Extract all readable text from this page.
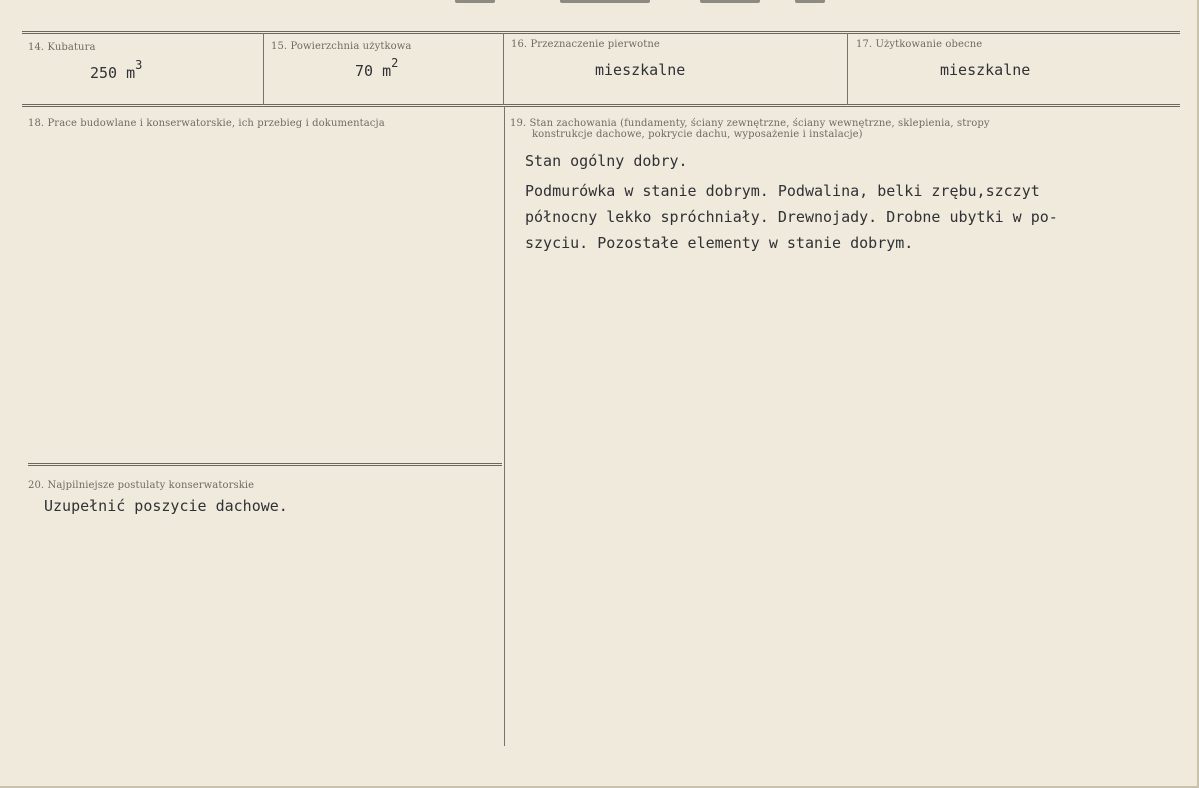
14. Kubatura
250 $m^3$
15. Powierzchnia użytkowa
70 $m^2$
16. Przeznaczenie pierwotne
mieszkalne
17. Użytkowanie obecne
mieszkalne
18. Prace budowlane i konserwatorskie, ich przebieg i dokumentacja	19. Stan zachowania (fundamenty, ściany zewnętrzne, ściany wewnętrzne, sklepienia, stropy
konstrukcje dachowe, pokrycie dachu, wyposażenie i instalacje)
Stan ogólny dobry.
Podmurówka w stanie dobrym. Podwalina, belki zrębu,szczyt
północny lekko spróchniały. Drewnojady. Drobne ubytki w po-
szyciu. Pozostałe elementy w stanie dobrym.
20. Najpilniejsze postulaty konserwatorskie
Uzupełnić poszycie dachowe.
